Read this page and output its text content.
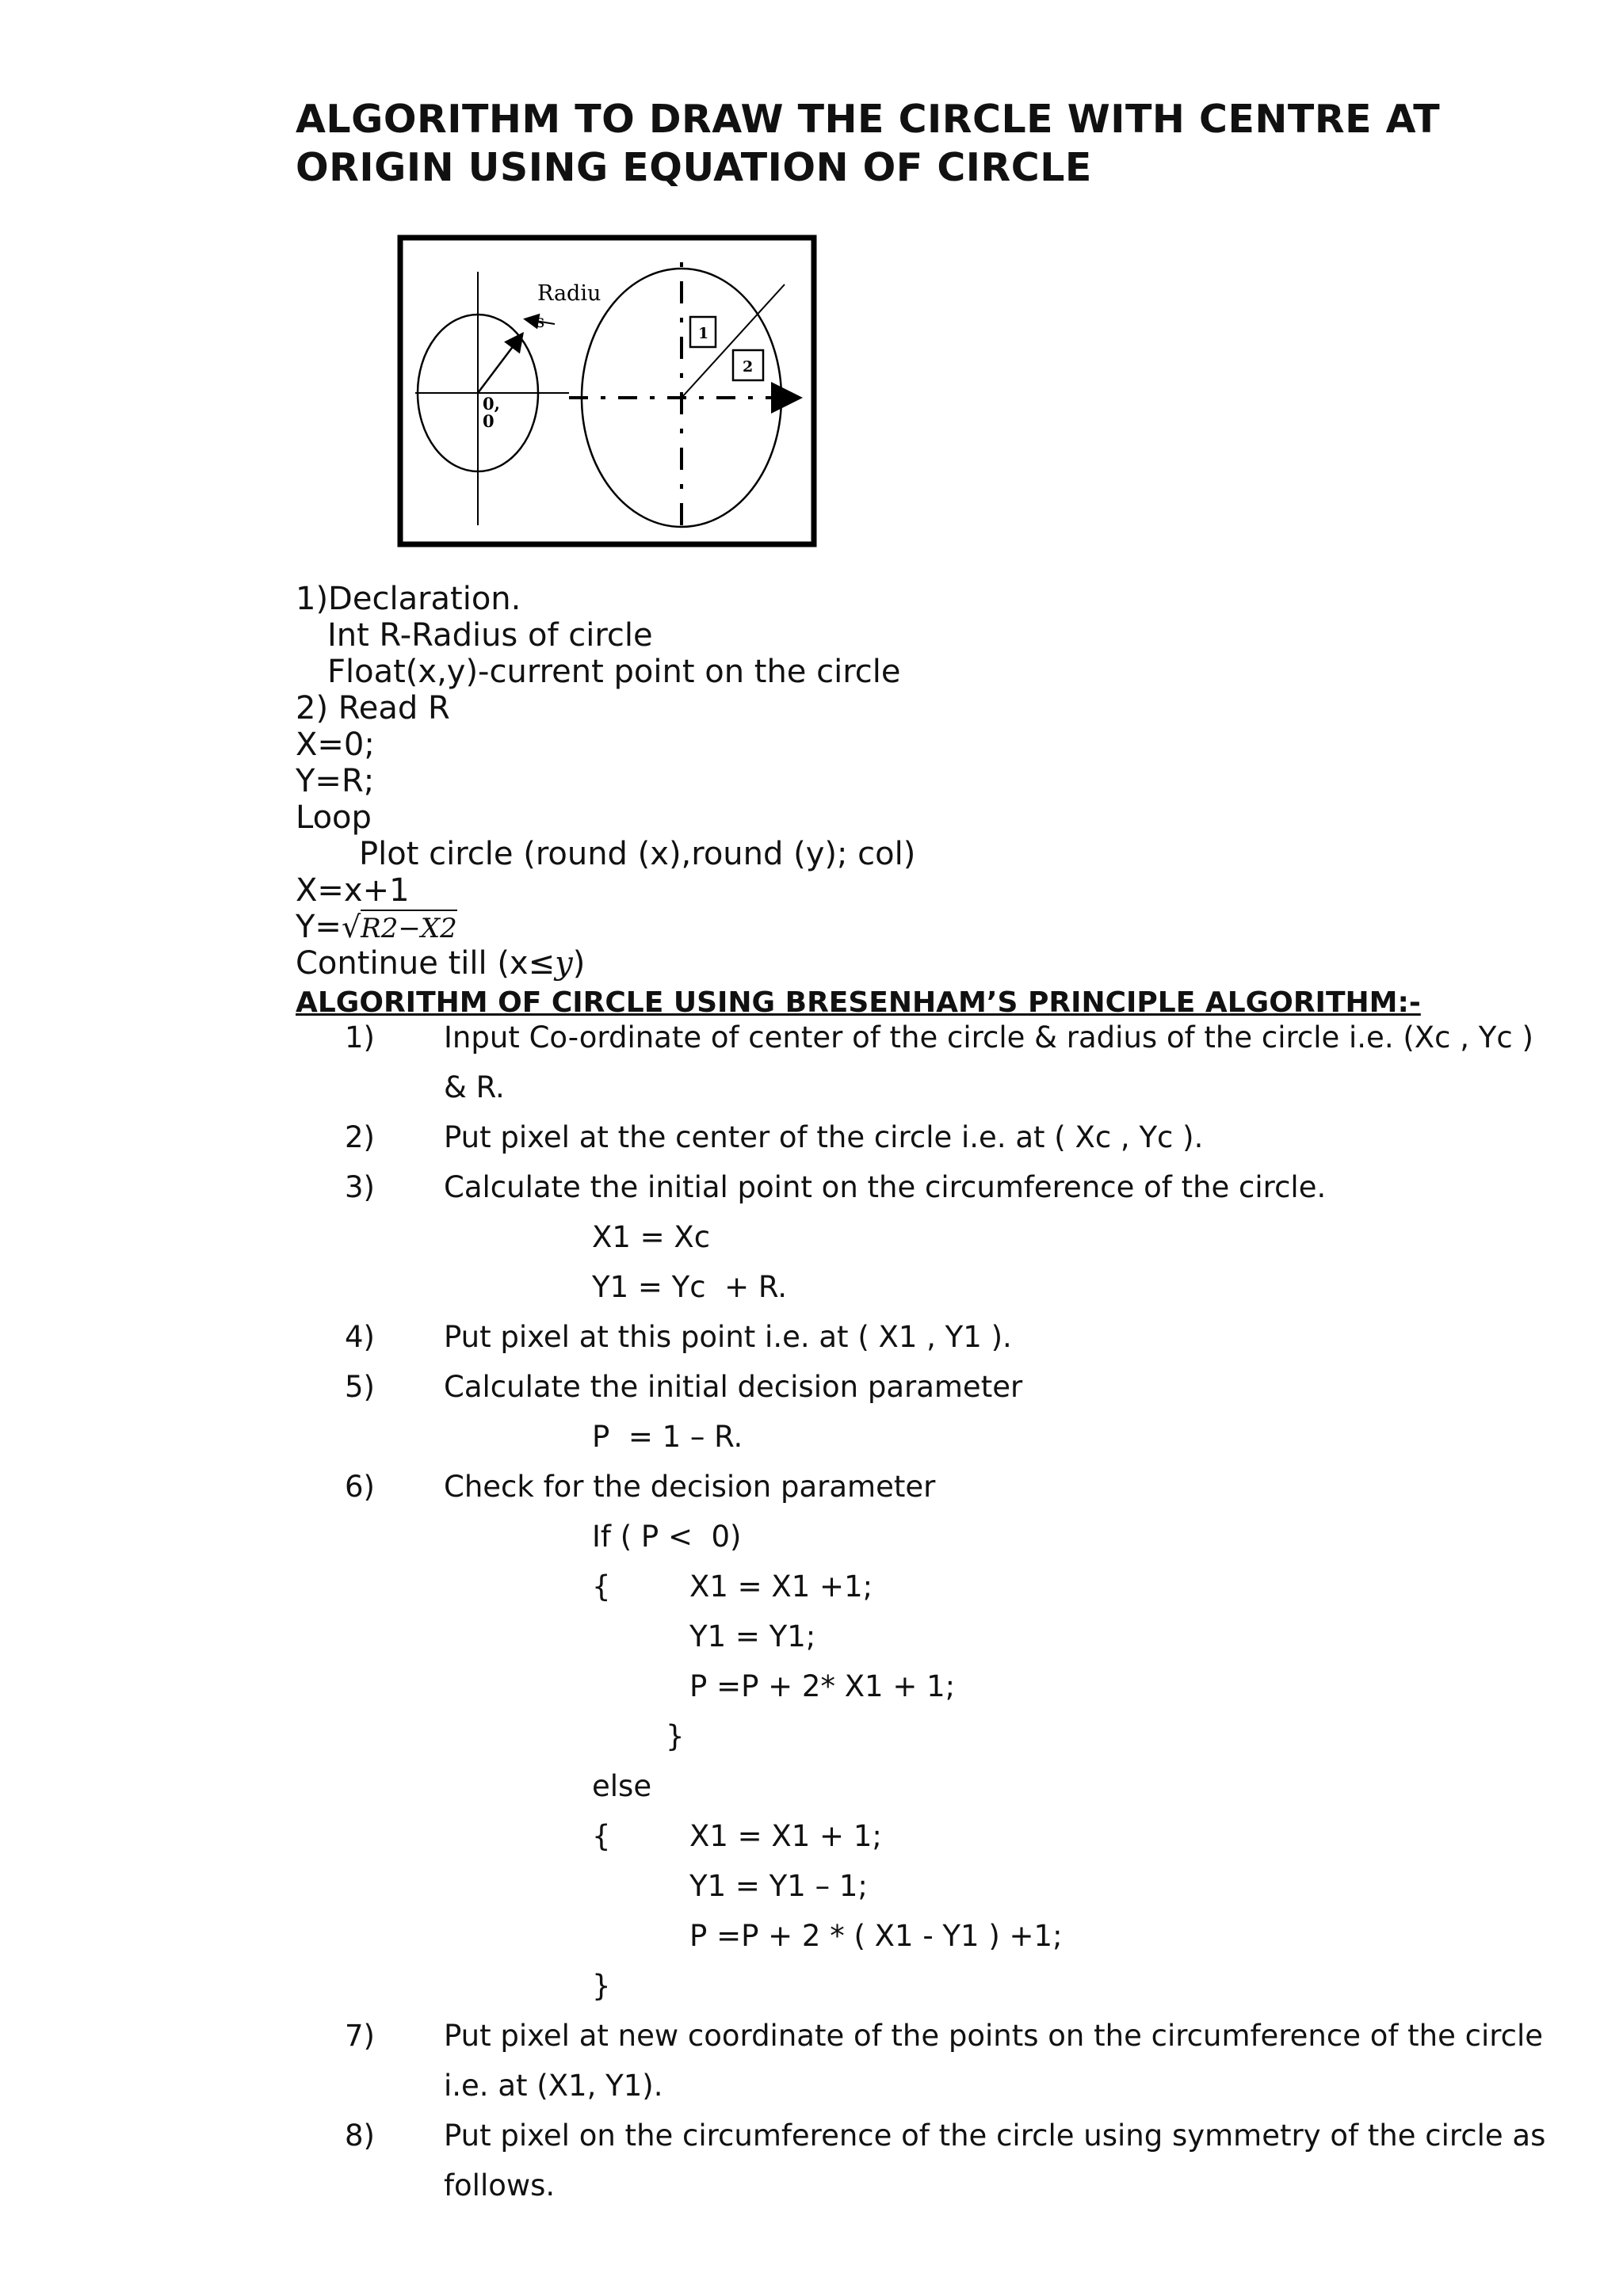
ALGORITHM TO DRAW THE CIRCLE WITH CENTRE AT
ORIGIN USING EQUATION OF CIRCLE
Radiu
s
0,
0
1
2
1)Declaration.
Int R-Radius of circle
Float(x,y)-current point on the circle
2) Read R
X=0;
Y=R;
Loop
Plot circle (round (x),round (y); col)
X=x+1
Y=√R2−X2
Continue till (x≤y)
ALGORITHM OF CIRCLE USING BRESENHAM’S PRINCIPLE ALGORITHM:-
1) Input Co-ordinate of center of the circle & radius of the circle i.e. (Xc , Yc )
& R.
2) Put pixel at the center of the circle i.e. at ( Xc , Yc ).
3) Calculate the initial point on the circumference of the circle.
X1 = Xc
Y1 = Yc  + R.
4) Put pixel at this point i.e. at ( X1 , Y1 ).
5) Calculate the initial decision parameter
P  = 1 – R.
6) Check for the decision parameter
If ( P <  0)
{	X1 = X1 +1;
Y1 = Y1;
P =P + 2* X1 + 1;
}
else
{	X1 = X1 + 1;
Y1 = Y1 – 1;
P =P + 2 * ( X1 - Y1 ) +1;
}
7) Put pixel at new coordinate of the points on the circumference of the circle
i.e. at (X1, Y1).
8) Put pixel on the circumference of the circle using symmetry of the circle as
follows.
